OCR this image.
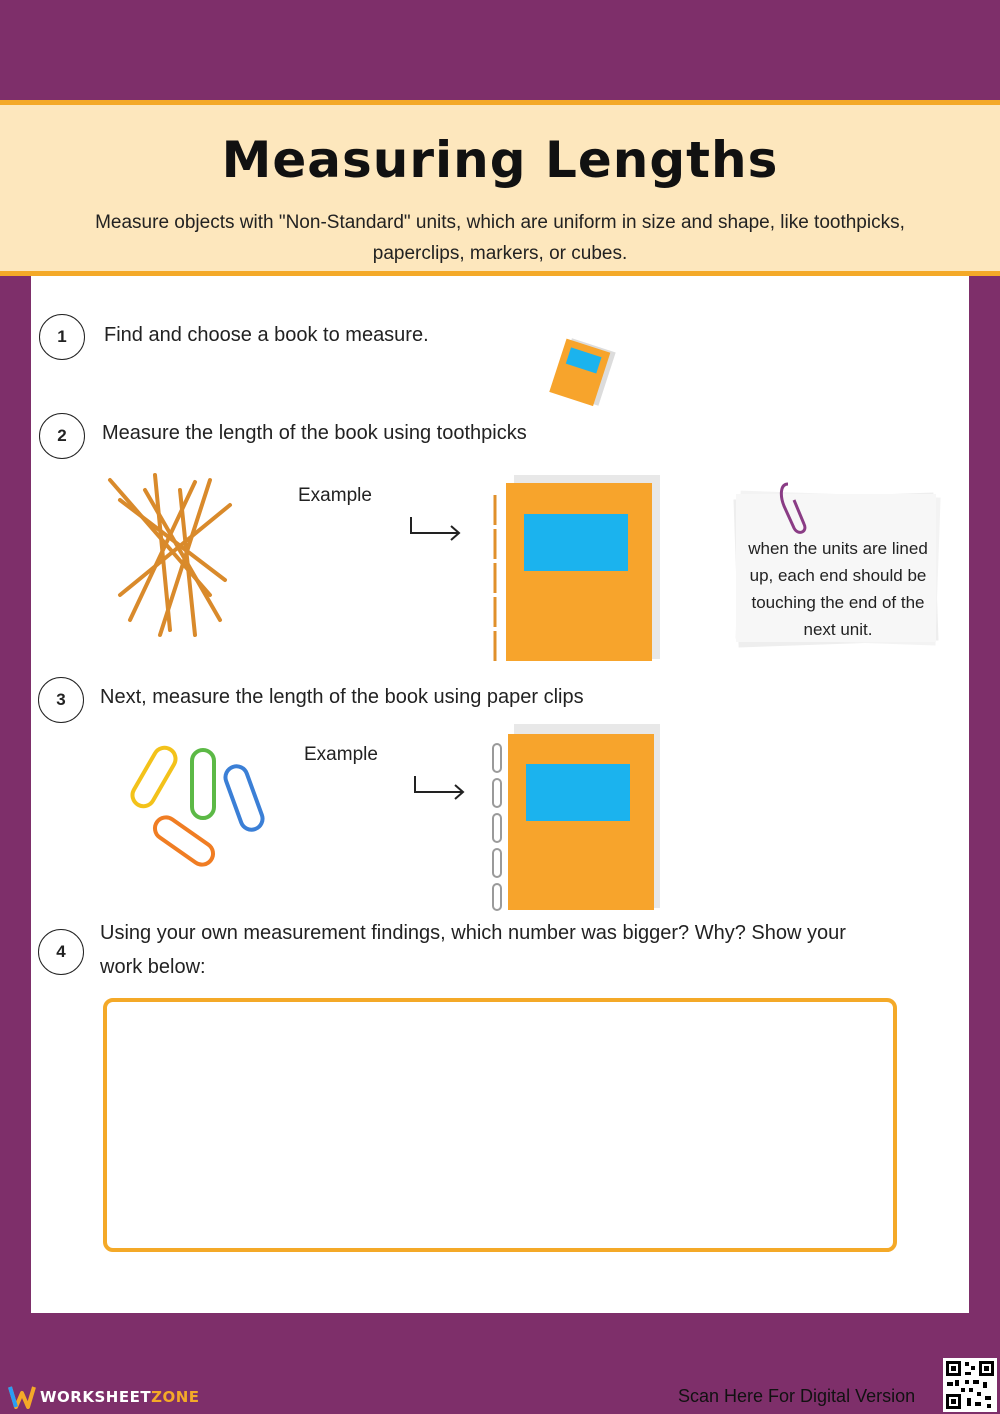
Measuring Lengths
Measure objects with "Non-Standard" units, which are uniform in size and shape, like toothpicks, paperclips, markers, or cubes.
1	Find and choose a book to measure.
2	Measure the length of the book using toothpicks
Example
when the units are lined up, each end should be touching the end of the next unit.
3	Next, measure the length of the book using paper clips
Example
4
Using your own measurement findings, which number was bigger? Why? Show your work below:
WORKSHEETZONE	Scan Here For Digital Version
